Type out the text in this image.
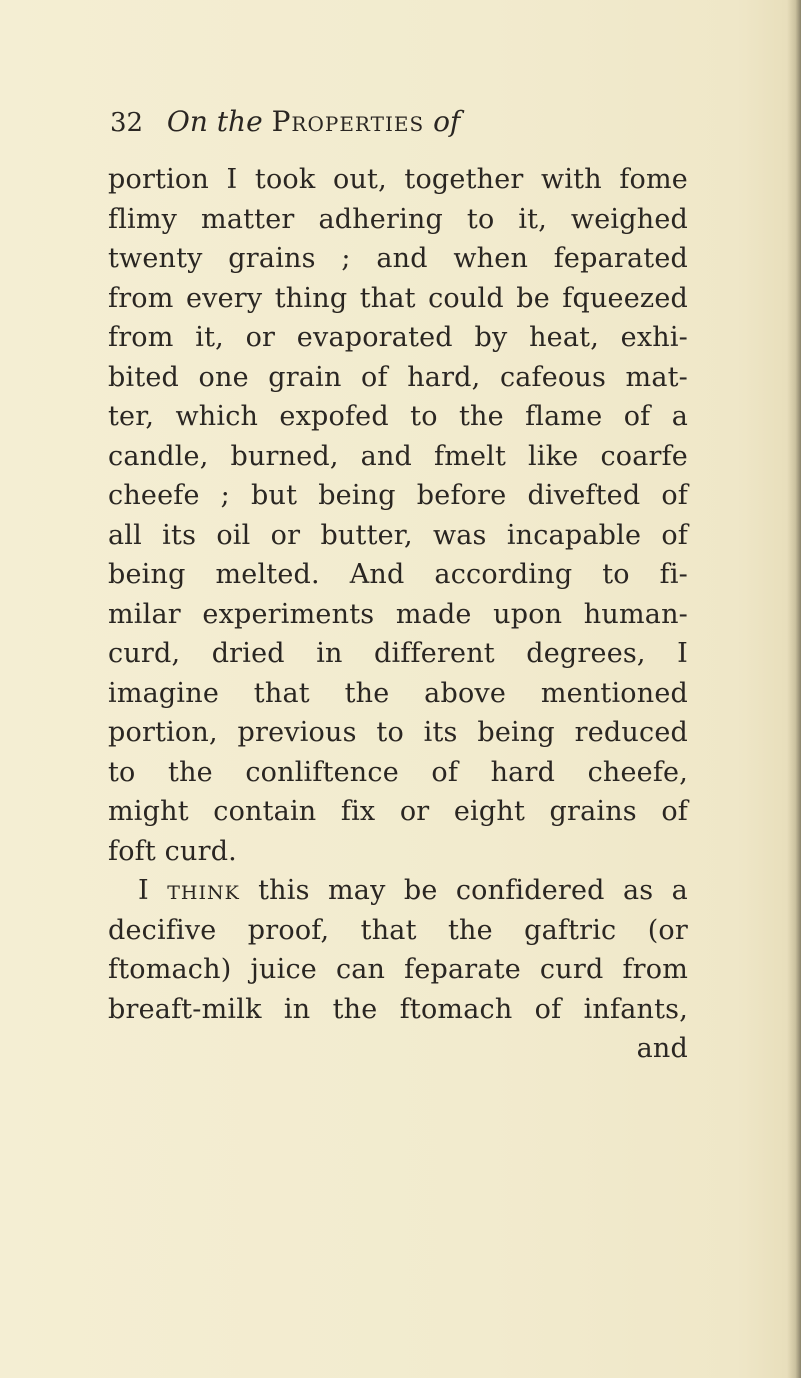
32 On the Properties of
portion I took out, together with fome
flimy matter adhering to it, weighed
twenty grains ; and when feparated
from every thing that could be fqueezed
from it, or evaporated by heat, exhi-
bited one grain of hard, cafeous mat-
ter, which expofed to the flame of a
candle, burned, and fmelt like coarfe
cheefe ; but being before divefted of
all its oil or butter, was incapable of
being melted. And according to fi-
milar experiments made upon human-
curd, dried in different degrees, I
imagine that the above mentioned
portion, previous to its being reduced
to the conliftence of hard cheefe,
might contain fix or eight grains of
foft curd.
I think this may be confidered as a
decifive proof, that the gaftric (or
ftomach) juice can feparate curd from
breaft-milk in the ftomach of infants,
and
